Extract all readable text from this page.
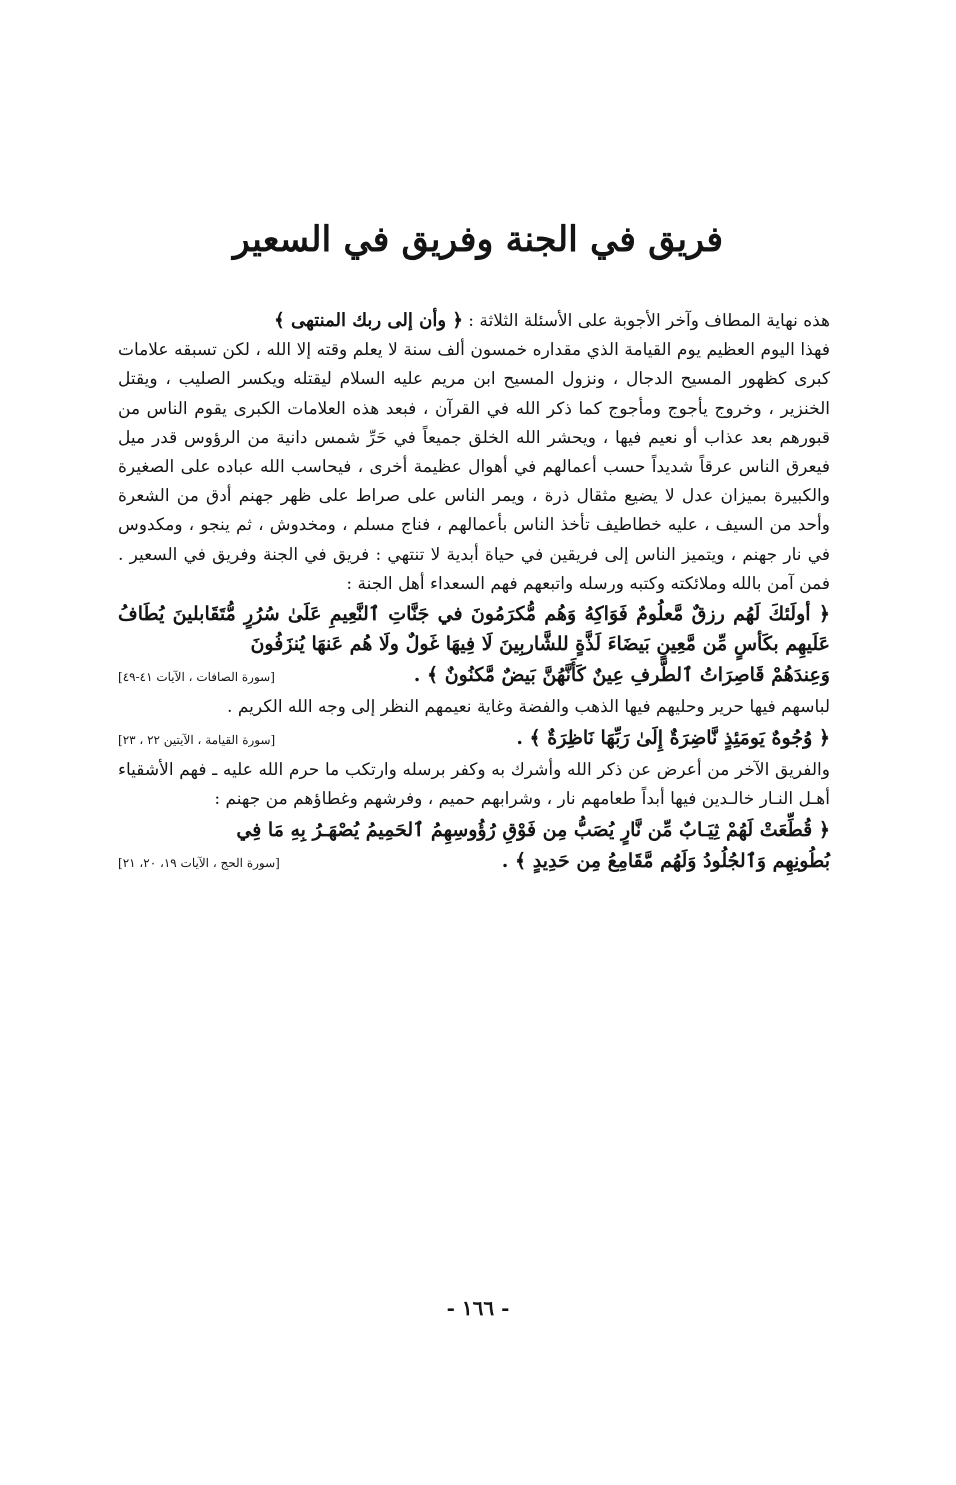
فريق في الجنة وفريق في السعير

هذه نهاية المطاف وآخر الأجوبة على الأسئلة الثلاثة : ﴿ وأن إلى ربك المنتهى ﴾

فهذا اليوم العظيم يوم القيامة الذي مقداره خمسون ألف سنة لا يعلم وقته إلا الله ، لكن تسبقه علامات كبرى كظهور المسيح الدجال ، ونزول المسيح ابن مريم عليه السلام ليقتله ويكسر الصليب ، ويقتل الخنزير ، وخروج يأجوج ومأجوج كما ذكر الله في القرآن ، فبعد هذه العلامات الكبرى يقوم الناس من قبورهم بعد عذاب أو نعيم فيها ، ويحشر الله الخلق جميعاً في حَرِّ شمس دانية من الرؤوس قدر ميل فيعرق الناس عرقاً شديداً حسب أعمالهم في أهوال عظيمة أخرى ، فيحاسب الله عباده على الصغيرة والكبيرة بميزان عدل لا يضيع مثقال ذرة ، ويمر الناس على صراط على ظهر جهنم أدق من الشعرة وأحد من السيف ، عليه خطاطيف تأخذ الناس بأعمالهم ، فناج مسلم ، ومخدوش ، ثم ينجو ، ومكدوس في نار جهنم ، ويتميز الناس إلى فريقين في حياة أبدية لا تنتهي : فريق في الجنة وفريق في السعير . فمن آمن بالله وملائكته وكتبه ورسله واتبعهم فهم السعداء أهل الجنة :

﴿ أولَئكَ لَهُم رزقٌ مَّعلُومٌ فَوَاكِهُ وَهُم مُّكرَمُونَ في جَنَّاتِ ٱلنَّعِيمِ عَلَىٰ سُرُرٍ مُّتَقَابلينَ يُطَافُ عَلَيهِم بكَأسٍ مِّن مَّعِينٍ بَيضَاءَ لَذَّةٍ للشَّاربِينَ لَا فِيهَا غَولٌ ولَا هُم عَنهَا يُنزَفُونَ

وَعِندَهُمْ قَاصِرَاتُ ٱلطَّرفِ عِينٌ كَأَنَّهُنَّ بَيضٌ مَّكنُونٌ ﴾ .
[سورة الصافات ، الآيات ٤١-٤٩]

لباسهم فيها حرير وحليهم فيها الذهب والفضة وغاية نعيمهم النظر إلى وجه الله الكريم .

﴿ وُجُوهٌ يَومَئِذٍ نَّاضِرَةٌ إِلَىٰ رَبِّهَا نَاظِرَةٌ ﴾ .
[سورة القيامة ، الآيتين ٢٢ ، ٢٣]

والفريق الآخر من أعرض عن ذكر الله وأشرك به وكفر برسله وارتكب ما حرم الله عليه ـ فهم الأشقياء أهـل النـار خالـدين فيها أبداً طعامهم نار ، وشرابهم حميم ، وفرشهم وغطاؤهم من جهنم :

﴿ قُطِّعَتْ لَهُمْ ثِيَـابٌ مِّن نَّارٍ يُصَبُّ مِن فَوْقِ رُؤُوسِهِمُ ٱلحَمِيمُ يُصْهَـرُ بِهِ مَا فِي

بُطُونِهِم وَٱلجُلُودُ وَلَهُم مَّقَامِعُ مِن حَدِيدٍ ﴾ .
[سورة الحج ، الآيات ١٩، ٢٠، ٢١]

- ١٦٦ -
